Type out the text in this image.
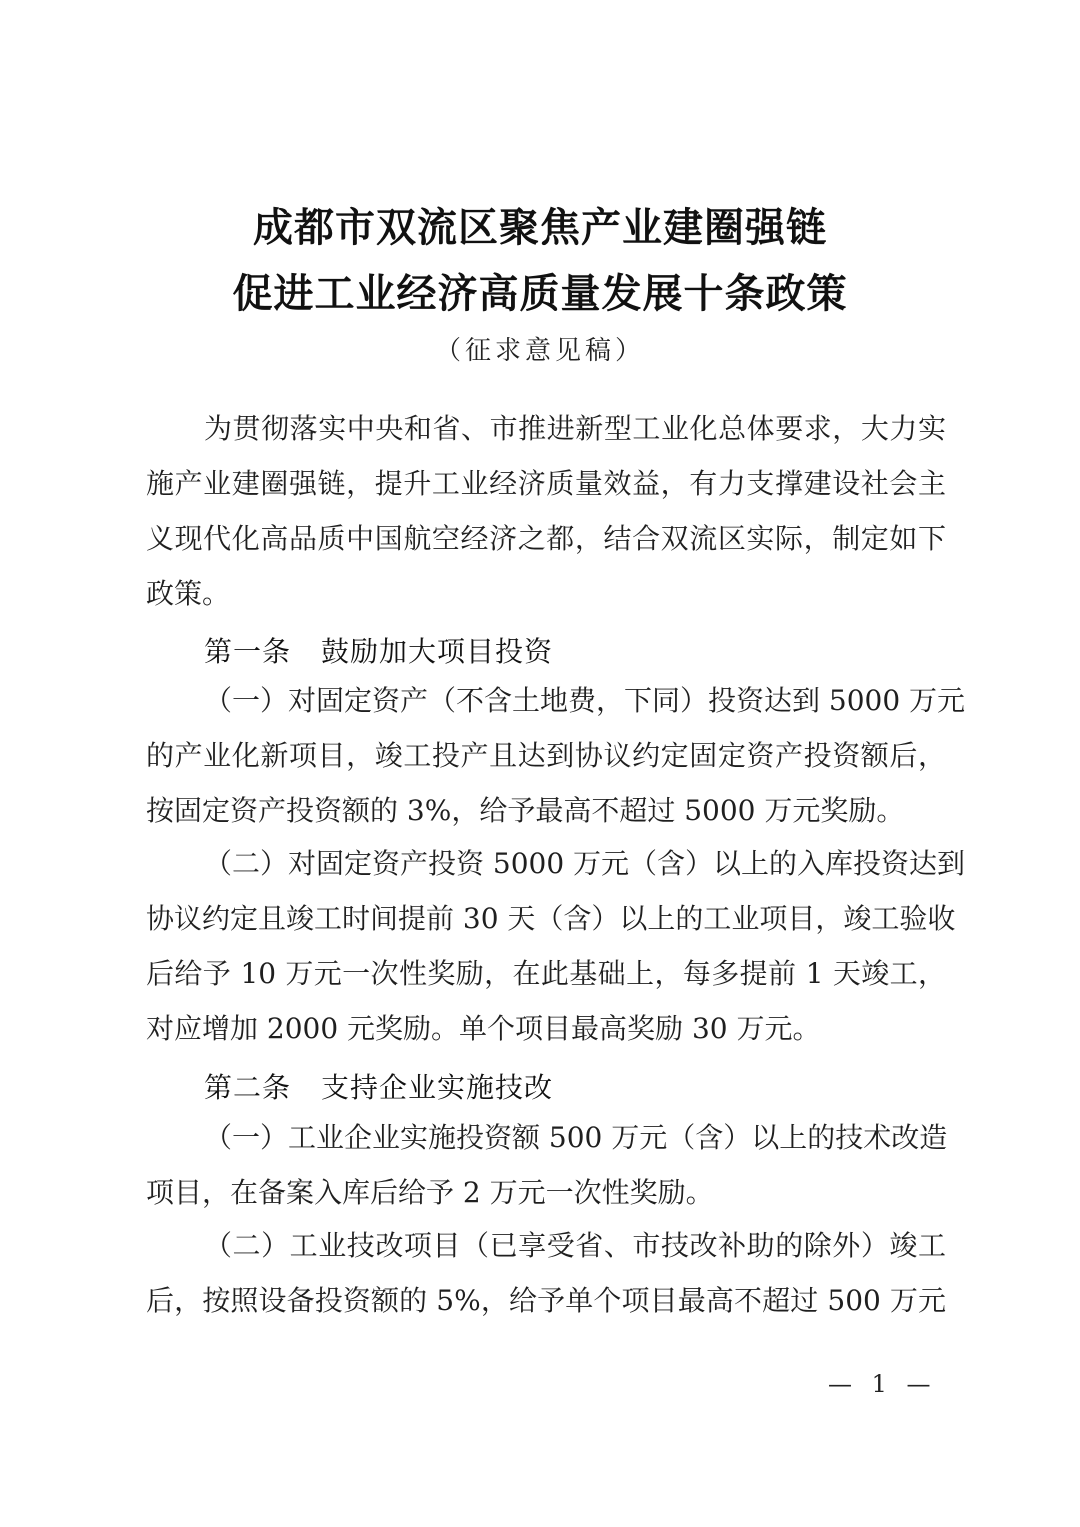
成都市双流区聚焦产业建圈强链
促进工业经济高质量发展十条政策
（征求意见稿）
为贯彻落实中央和省、市推进新型工业化总体要求，大力实
施产业建圈强链，提升工业经济质量效益，有力支撑建设社会主
义现代化高品质中国航空经济之都，结合双流区实际，制定如下
政策。
第一条 鼓励加大项目投资
（一）对固定资产（不含土地费，下同）投资达到 5000 万元
的产业化新项目，竣工投产且达到协议约定固定资产投资额后，
按固定资产投资额的 3%，给予最高不超过 5000 万元奖励。
（二）对固定资产投资 5000 万元（含）以上的入库投资达到
协议约定且竣工时间提前 30 天（含）以上的工业项目，竣工验收
后给予 10 万元一次性奖励，在此基础上，每多提前 1 天竣工，
对应增加 2000 元奖励。单个项目最高奖励 30 万元。
第二条 支持企业实施技改
（一）工业企业实施投资额 500 万元（含）以上的技术改造
项目，在备案入库后给予 2 万元一次性奖励。
（二）工业技改项目（已享受省、市技改补助的除外）竣工
后，按照设备投资额的 5%，给予单个项目最高不超过 500 万元
— 1 —
